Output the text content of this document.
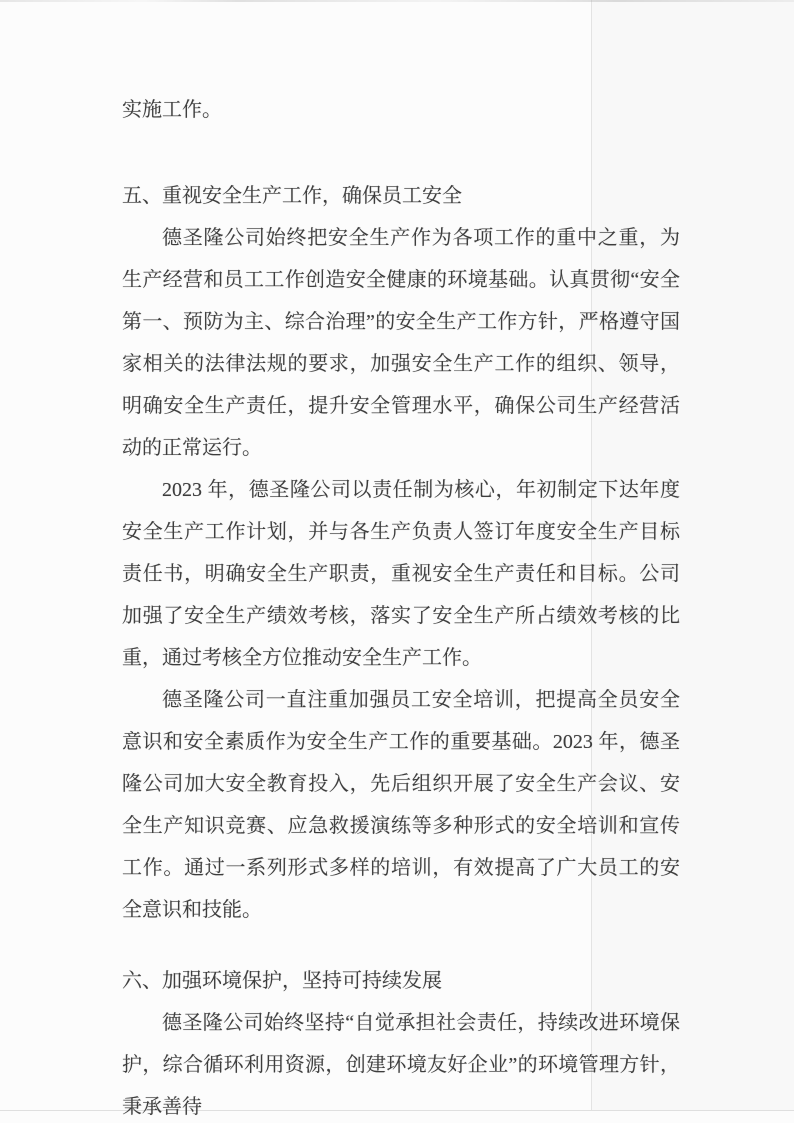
实施工作。

五、重视安全生产工作，确保员工安全

德圣隆公司始终把安全生产作为各项工作的重中之重，为生产经营和员工工作创造安全健康的环境基础。认真贯彻“安全第一、预防为主、综合治理”的安全生产工作方针，严格遵守国家相关的法律法规的要求，加强安全生产工作的组织、领导，明确安全生产责任，提升安全管理水平，确保公司生产经营活动的正常运行。

2023 年，德圣隆公司以责任制为核心，年初制定下达年度安全生产工作计划，并与各生产负责人签订年度安全生产目标责任书，明确安全生产职责，重视安全生产责任和目标。公司加强了安全生产绩效考核，落实了安全生产所占绩效考核的比重，通过考核全方位推动安全生产工作。

德圣隆公司一直注重加强员工安全培训，把提高全员安全意识和安全素质作为安全生产工作的重要基础。2023 年，德圣隆公司加大安全教育投入，先后组织开展了安全生产会议、安全生产知识竞赛、应急救援演练等多种形式的安全培训和宣传工作。通过一系列形式多样的培训，有效提高了广大员工的安全意识和技能。

六、加强环境保护，坚持可持续发展

德圣隆公司始终坚持“自觉承担社会责任，持续改进环境保护，综合循环利用资源，创建环境友好企业”的环境管理方针，秉承善待
